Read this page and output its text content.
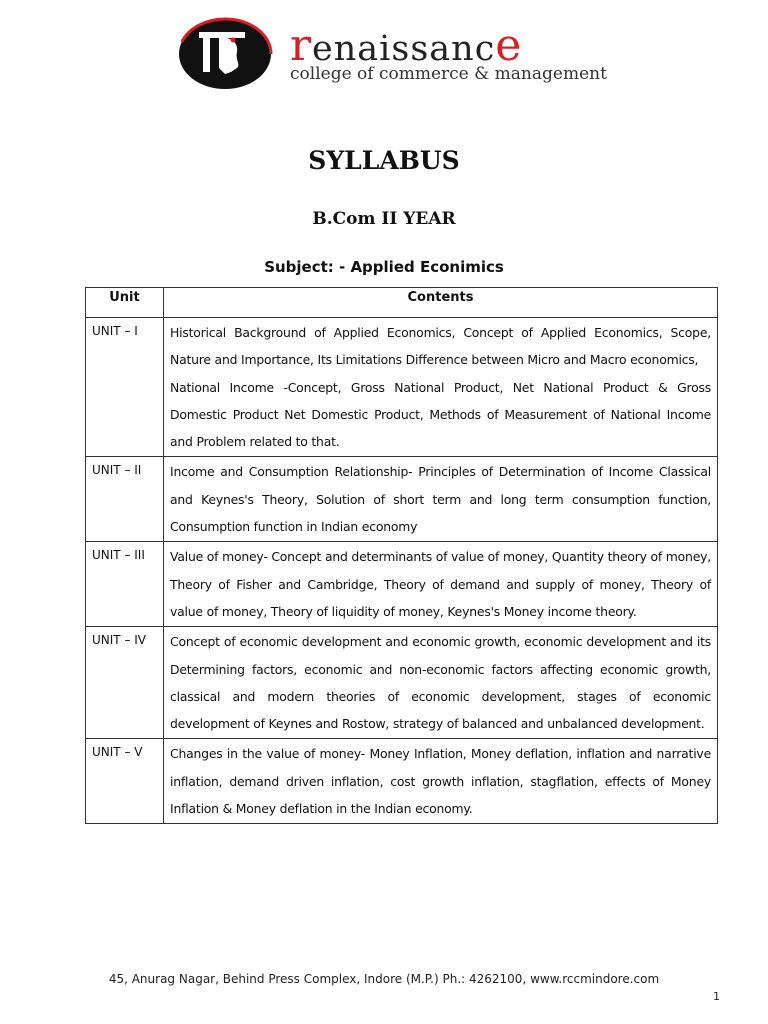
renaissance
college of commerce & management
SYLLABUS
B.Com II YEAR
Subject: - Applied Econimics
Unit	Contents
UNIT – I	Historical Background of Applied Economics, Concept of Applied Economics, Scope, Nature and Importance, Its Limitations Difference between Micro and Macro economics,

National Income -Concept, Gross National Product, Net National Product & Gross Domestic Product Net Domestic Product, Methods of Measurement of National Income and Problem related to that.

UNIT – II	Income and Consumption Relationship- Principles of Determination of Income Classical and Keynes's Theory, Solution of short term and long term consumption function, Consumption function in Indian economy

UNIT – III	Value of money- Concept and determinants of value of money, Quantity theory of money, Theory of Fisher and Cambridge, Theory of demand and supply of money, Theory of value of money, Theory of liquidity of money, Keynes's Money income theory.

UNIT – IV	Concept of economic development and economic growth, economic development and its Determining factors, economic and non-economic factors affecting economic growth, classical and modern theories of economic development, stages of economic development of Keynes and Rostow, strategy of balanced and unbalanced development.

UNIT – V	Changes in the value of money- Money Inflation, Money deflation, inflation and narrative inflation, demand driven inflation, cost growth inflation, stagflation, effects of Money Inflation & Money deflation in the Indian economy.

45, Anurag Nagar, Behind Press Complex, Indore (M.P.) Ph.: 4262100, www.rccmindore.com
1
